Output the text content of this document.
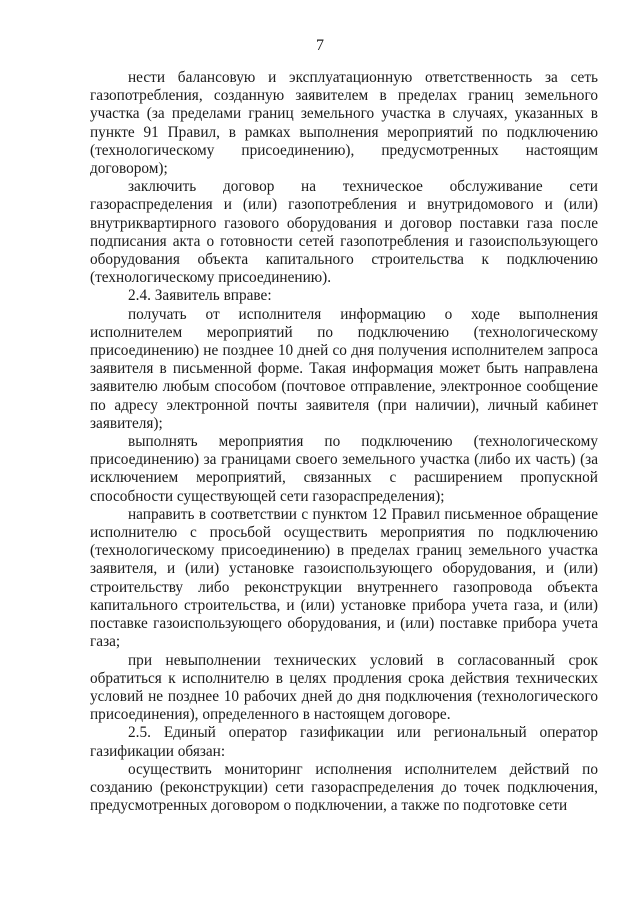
7

нести балансовую и эксплуатационную ответственность за сеть газопотребления, созданную заявителем в пределах границ земельного участка (за пределами границ земельного участка в случаях, указанных в пункте 91 Правил, в рамках выполнения мероприятий по подключению (технологическому присоединению), предусмотренных настоящим договором);

заключить договор на техническое обслуживание сети газораспределения и (или) газопотребления и внутридомового и (или) внутриквартирного газового оборудования и договор поставки газа после подписания акта о готовности сетей газопотребления и газоиспользующего оборудования объекта капитального строительства к подключению (технологическому присоединению).

2.4. Заявитель вправе:

получать от исполнителя информацию о ходе выполнения исполнителем мероприятий по подключению (технологическому присоединению) не позднее 10 дней со дня получения исполнителем запроса заявителя в письменной форме. Такая информация может быть направлена заявителю любым способом (почтовое отправление, электронное сообщение по адресу электронной почты заявителя (при наличии), личный кабинет заявителя);

выполнять мероприятия по подключению (технологическому присоединению) за границами своего земельного участка (либо их часть) (за исключением мероприятий, связанных с расширением пропускной способности существующей сети газораспределения);

направить в соответствии с пунктом 12 Правил письменное обращение исполнителю с просьбой осуществить мероприятия по подключению (технологическому присоединению) в пределах границ земельного участка заявителя, и (или) установке газоиспользующего оборудования, и (или) строительству либо реконструкции внутреннего газопровода объекта капитального строительства, и (или) установке прибора учета газа, и (или) поставке газоиспользующего оборудования, и (или) поставке прибора учета газа;

при невыполнении технических условий в согласованный срок обратиться к исполнителю в целях продления срока действия технических условий не позднее 10 рабочих дней до дня подключения (технологического присоединения), определенного в настоящем договоре.

2.5. Единый оператор газификации или региональный оператор газификации обязан:

осуществить мониторинг исполнения исполнителем действий по созданию (реконструкции) сети газораспределения до точек подключения, предусмотренных договором о подключении, а также по подготовке сети
